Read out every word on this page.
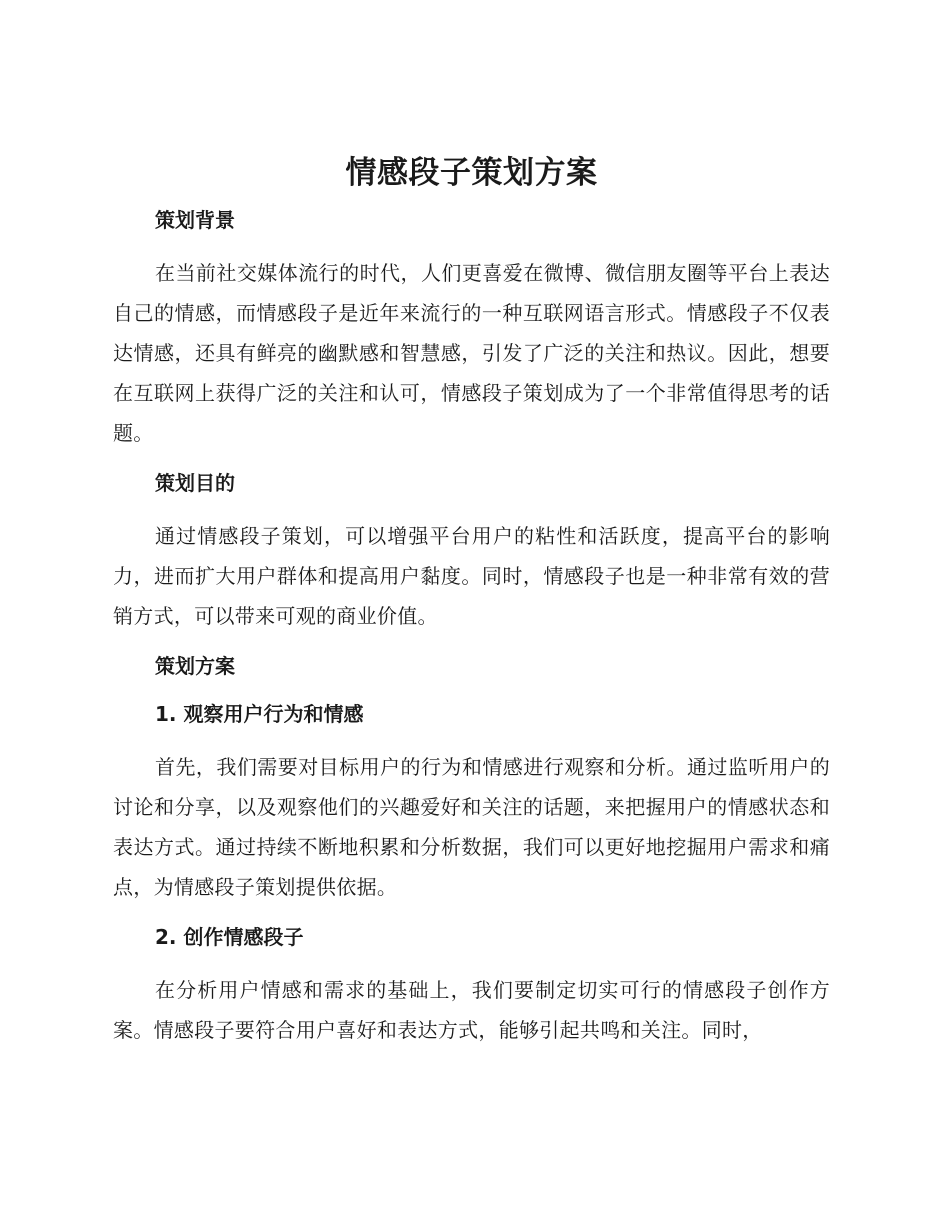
情感段子策划方案
策划背景

在当前社交媒体流行的时代，人们更喜爱在微博、微信朋友圈等平台上表达自己的情感，而情感段子是近年来流行的一种互联网语言形式。情感段子不仅表达情感，还具有鲜亮的幽默感和智慧感，引发了广泛的关注和热议。因此，想要在互联网上获得广泛的关注和认可，情感段子策划成为了一个非常值得思考的话题。

策划目的

通过情感段子策划，可以增强平台用户的粘性和活跃度，提高平台的影响力，进而扩大用户群体和提高用户黏度。同时，情感段子也是一种非常有效的营销方式，可以带来可观的商业价值。

策划方案
1. 观察用户行为和情感

首先，我们需要对目标用户的行为和情感进行观察和分析。通过监听用户的讨论和分享，以及观察他们的兴趣爱好和关注的话题，来把握用户的情感状态和表达方式。通过持续不断地积累和分析数据，我们可以更好地挖掘用户需求和痛点，为情感段子策划提供依据。

2. 创作情感段子

在分析用户情感和需求的基础上，我们要制定切实可行的情感段子创作方案。情感段子要符合用户喜好和表达方式，能够引起共鸣和关注。同时，
